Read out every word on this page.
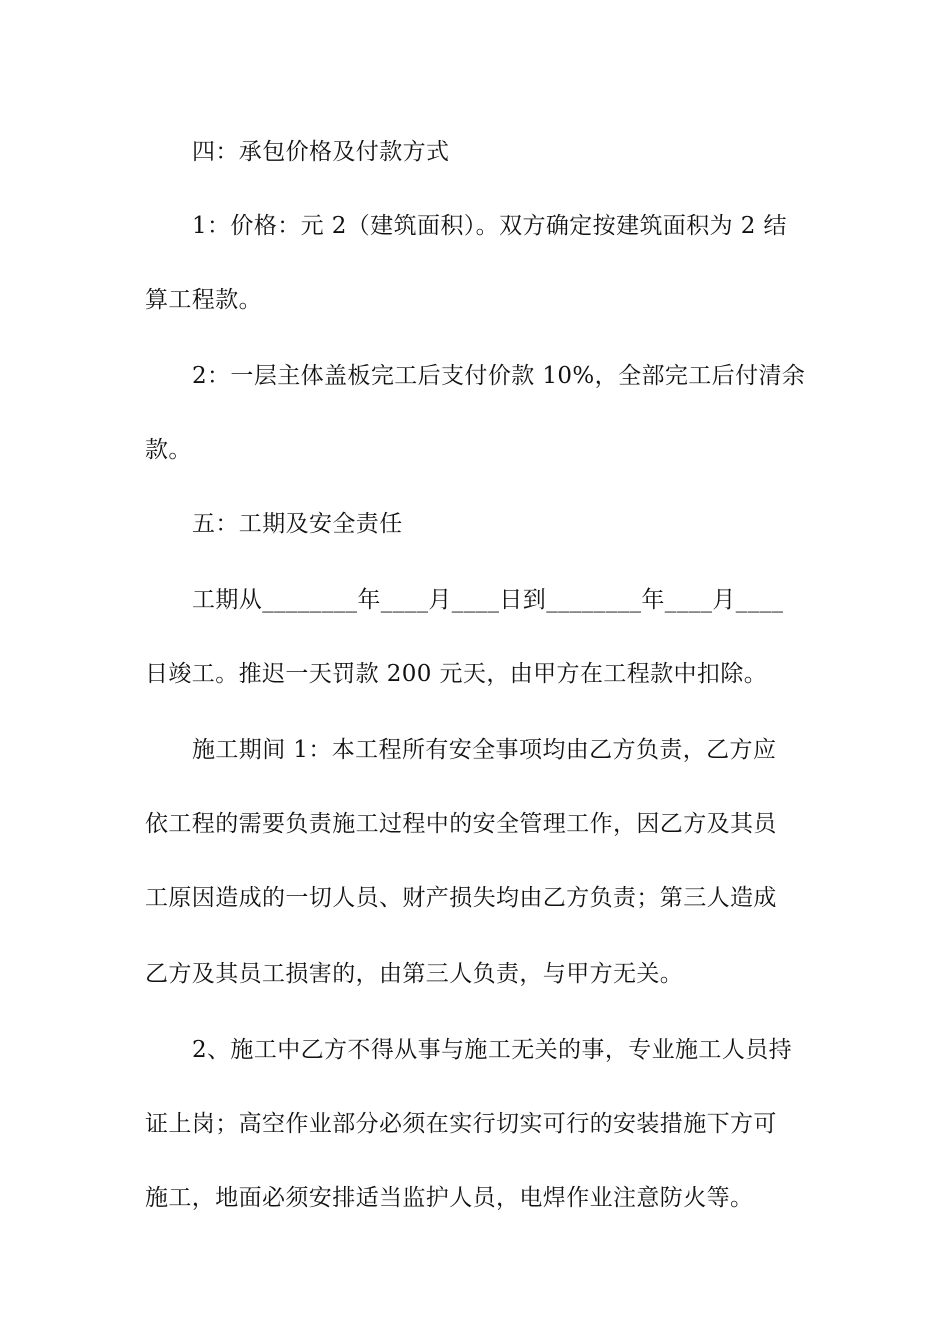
四：承包价格及付款方式
1：价格：元 2（建筑面积）。双方确定按建筑面积为 2 结
算工程款。
2：一层主体盖板完工后支付价款 10%，全部完工后付清余
款。
五：工期及安全责任
工期从________年____月____日到________年____月____
日竣工。推迟一天罚款 200 元天，由甲方在工程款中扣除。
施工期间 1：本工程所有安全事项均由乙方负责，乙方应
依工程的需要负责施工过程中的安全管理工作，因乙方及其员
工原因造成的一切人员、财产损失均由乙方负责；第三人造成
乙方及其员工损害的，由第三人负责，与甲方无关。
2、施工中乙方不得从事与施工无关的事，专业施工人员持
证上岗；高空作业部分必须在实行切实可行的安装措施下方可
施工，地面必须安排适当监护人员，电焊作业注意防火等。
